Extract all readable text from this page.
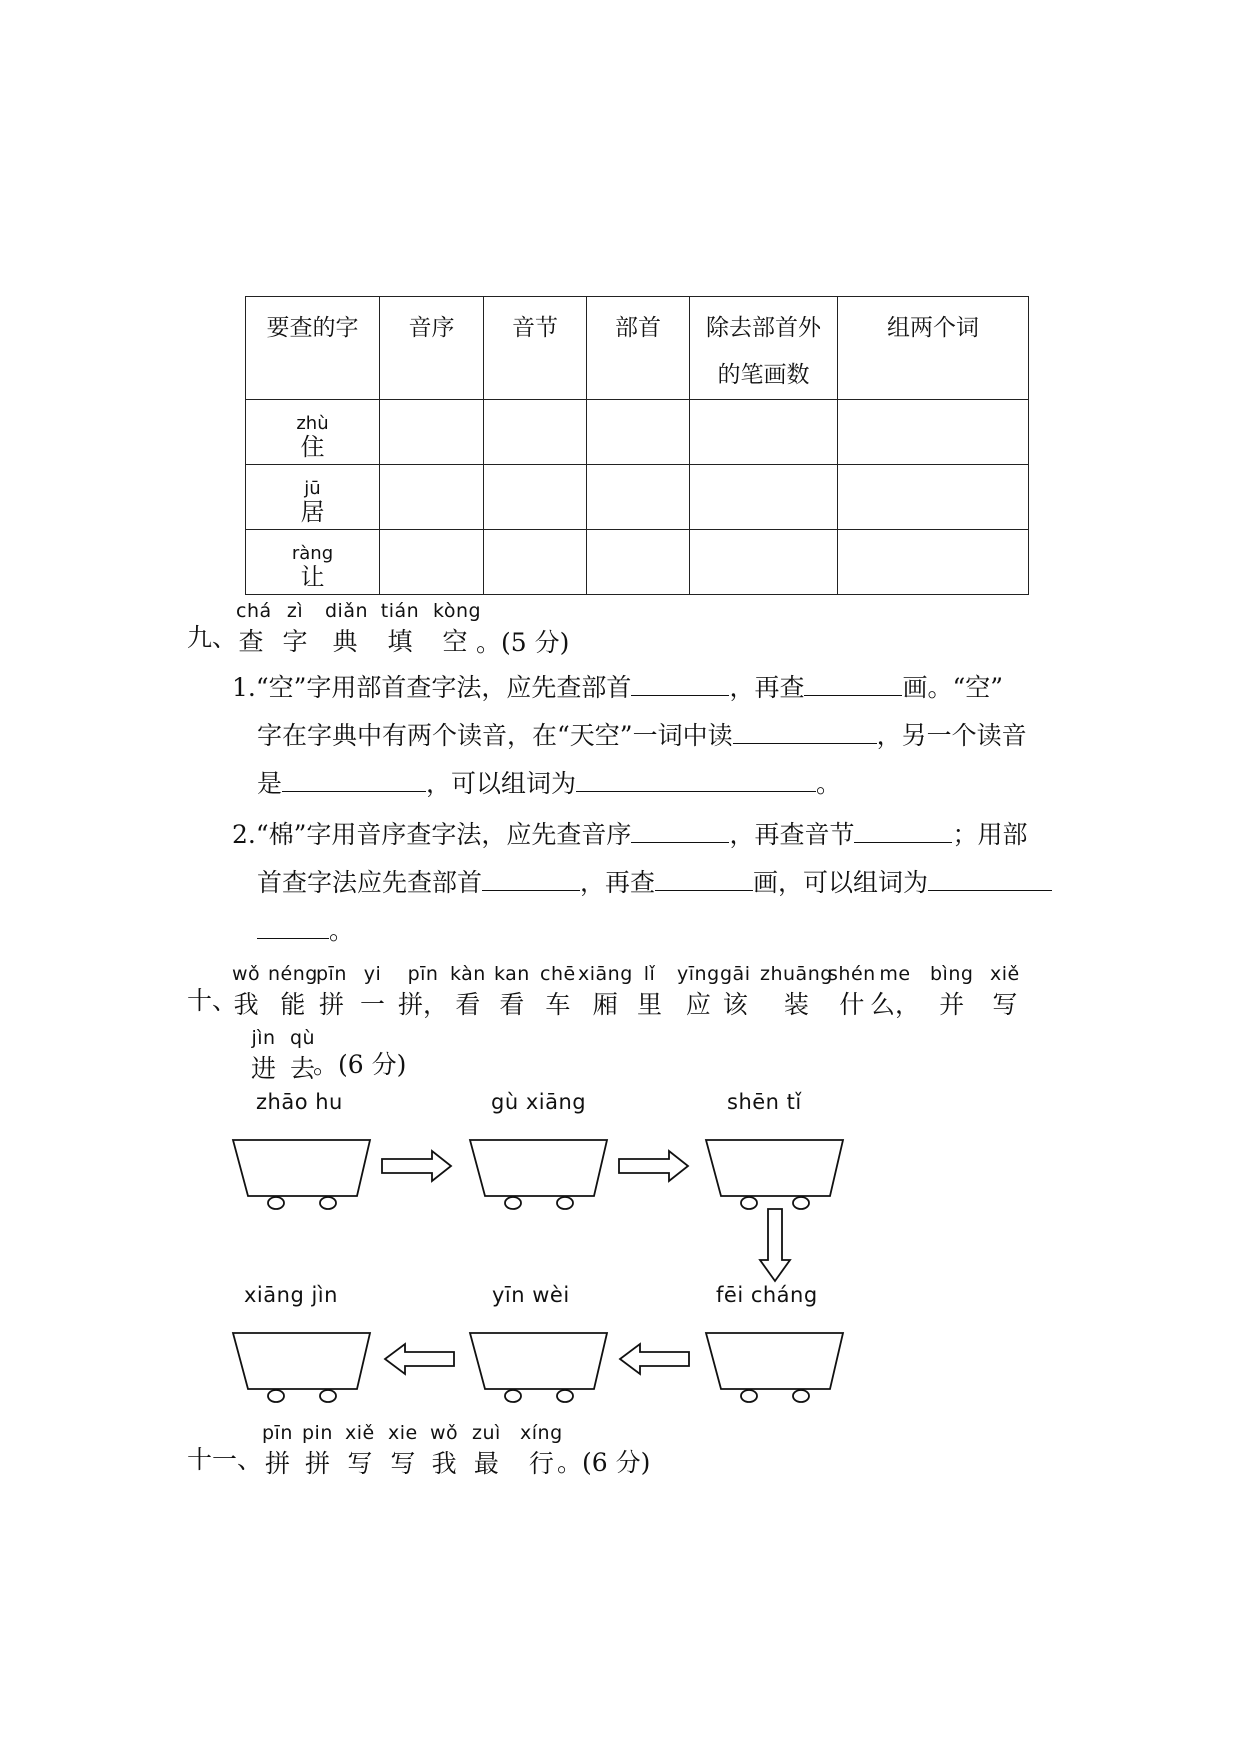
要查的字	音序	音节	部首	除去部首外
的笔画数	组两个词

zhù
住					

jū
居					

ràng
让					

九、
chá
查
zì
字
diǎn
典
tián
填
kòng
空 。(5 分)
1.“空”字用部首查字法，应先查部首	，再查	画。“空”
字在字典中有两个读音，在“天空”一词中读	，另一个读音
是	，可以组词为	。
2.“棉”字用音序查字法，应先查音序	，再查音节	；用部
首查字法应先查部首	，再查	画，可以组词为
。
十、
wǒ
我
néng
能
pīn
拼
yi
一
pīn
拼，
kàn
看
kan
看
chē
车
xiāng
厢
lǐ
里
yīng
应
gāi
该
zhuāng
装
shén
什
me
么，
bìng
并
xiě
写
jìn
进
qù
去
。(6 分)
zhāo hu	gù xiāng	shēn tǐ
xiāng jìn	yīn wèi	fēi cháng
十一、
pīn
拼
pin
拼
xiě
写
xie
写
wǒ
我
zuì
最
xíng
行 。(6 分)
